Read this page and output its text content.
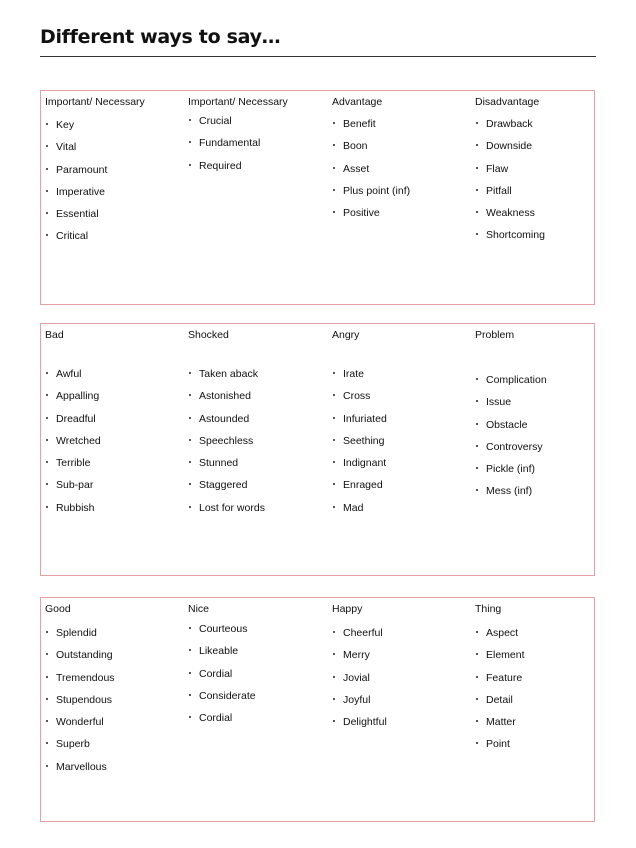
Different ways to say…
Important/ Necessary
Key
Vital
Paramount
Imperative
Essential
Critical
Important/ Necessary
Crucial
Fundamental
Required
Advantage
Benefit
Boon
Asset
Plus point (inf)
Positive
Disadvantage
Drawback
Downside
Flaw
Pitfall
Weakness
Shortcoming
Bad
Awful
Appalling
Dreadful
Wretched
Terrible
Sub-par
Rubbish
Shocked
Taken aback
Astonished
Astounded
Speechless
Stunned
Staggered
Lost for words
Angry
Irate
Cross
Infuriated
Seething
Indignant
Enraged
Mad
Problem
Complication
Issue
Obstacle
Controversy
Pickle (inf)
Mess (inf)
Good
Splendid
Outstanding
Tremendous
Stupendous
Wonderful
Superb
Marvellous
Nice
Courteous
Likeable
Cordial
Considerate
Cordial
Happy
Cheerful
Merry
Jovial
Joyful
Delightful
Thing
Aspect
Element
Feature
Detail
Matter
Point
